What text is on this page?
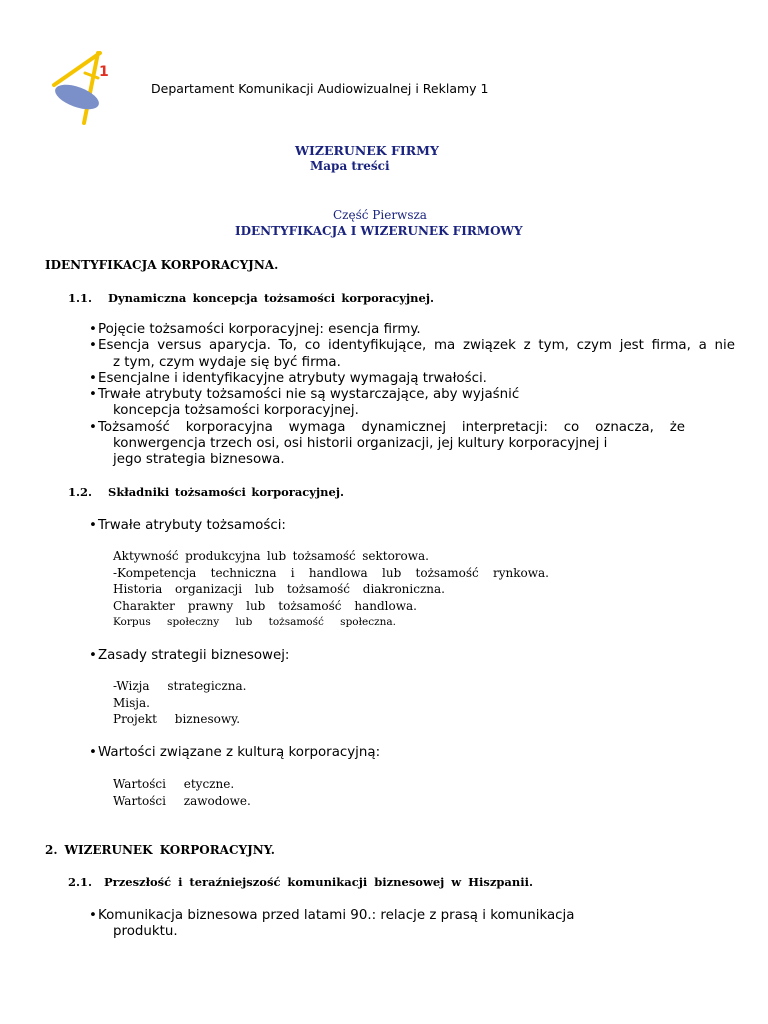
1
Departament Komunikacji Audiowizualnej i Reklamy 1
WIZERUNEK FIRMY
Mapa treści
Część Pierwsza
IDENTYFIKACJA I WIZERUNEK FIRMOWY
IDENTYFIKACJA KORPORACYJNA.
1.1. Dynamiczna koncepcja tożsamości korporacyjnej.
• Pojęcie tożsamości korporacyjnej: esencja firmy.
• Esencja versus aparycja. To, co identyfikujące, ma związek z tym, czym jest firma, a nie
z tym, czym wydaje się być firma.
• Esencjalne i identyfikacyjne atrybuty wymagają trwałości.
• Trwałe atrybuty tożsamości nie są wystarczające, aby wyjaśnić
koncepcja tożsamości korporacyjnej.
• Tożsamość korporacyjna wymaga dynamicznej interpretacji: co oznacza, że
konwergencja trzech osi, osi historii organizacji, jej kultury korporacyjnej i
jego strategia biznesowa.
1.2. Składniki tożsamości korporacyjnej.
• Trwałe atrybuty tożsamości:
Aktywność produkcyjna lub tożsamość sektorowa.
-Kompetencja techniczna i handlowa lub tożsamość rynkowa.
Historia organizacji lub tożsamość diakroniczna.
Charakter prawny lub tożsamość handlowa.
Korpus społeczny lub tożsamość społeczna.
• Zasady strategii biznesowej:
-Wizja strategiczna.
Misja.
Projekt biznesowy.
• Wartości związane z kulturą korporacyjną:
Wartości etyczne.
Wartości zawodowe.
2. WIZERUNEK KORPORACYJNY.
2.1. Przeszłość i teraźniejszość komunikacji biznesowej w Hiszpanii.
• Komunikacja biznesowa przed latami 90.: relacje z prasą i komunikacja
produktu.
